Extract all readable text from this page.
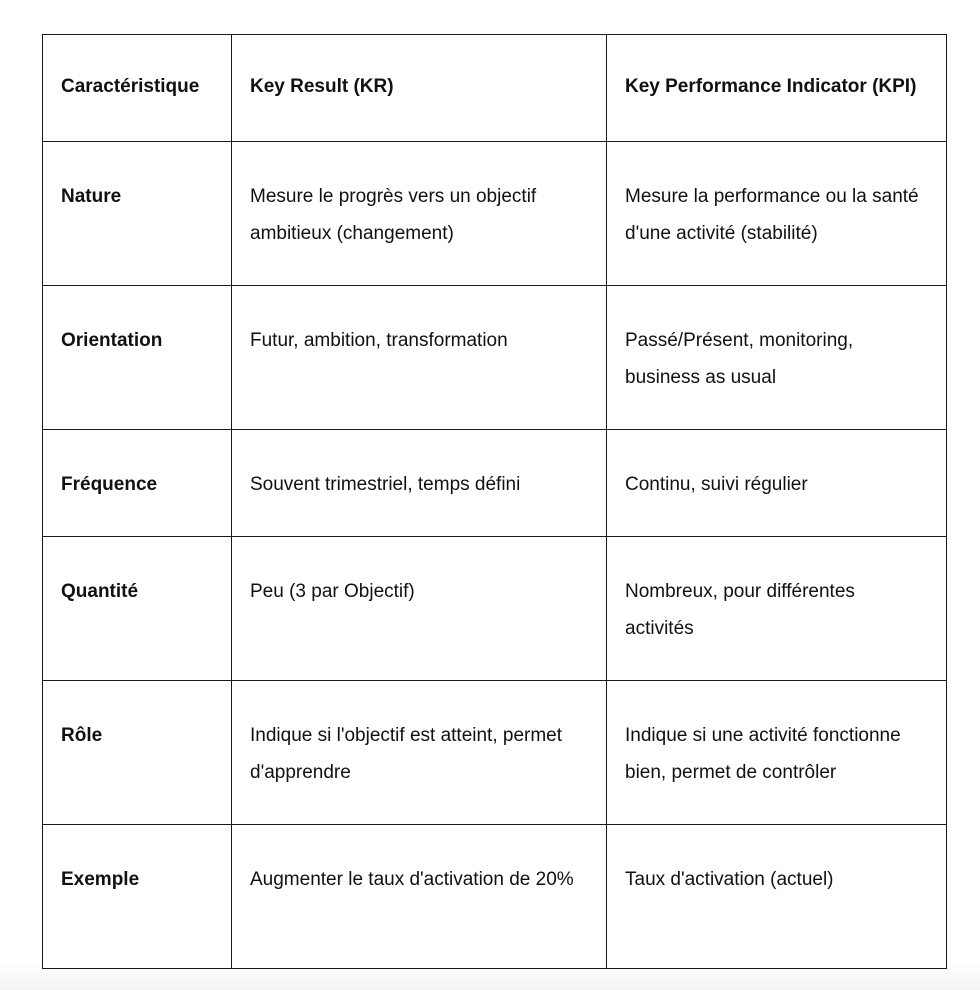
Caractéristique	Key Result (KR)	Key Performance Indicator (KPI)
Nature	Mesure le progrès vers un objectif ambitieux (changement)	Mesure la performance ou la santé d'une activité (stabilité)
Orientation	Futur, ambition, transformation	Passé/Présent, monitoring, business as usual
Fréquence	Souvent trimestriel, temps défini	Continu, suivi régulier
Quantité	Peu (3 par Objectif)	Nombreux, pour différentes activités
Rôle	Indique si l'objectif est atteint, permet d'apprendre	Indique si une activité fonctionne bien, permet de contrôler
Exemple	Augmenter le taux d'activation de 20%	Taux d'activation (actuel)
